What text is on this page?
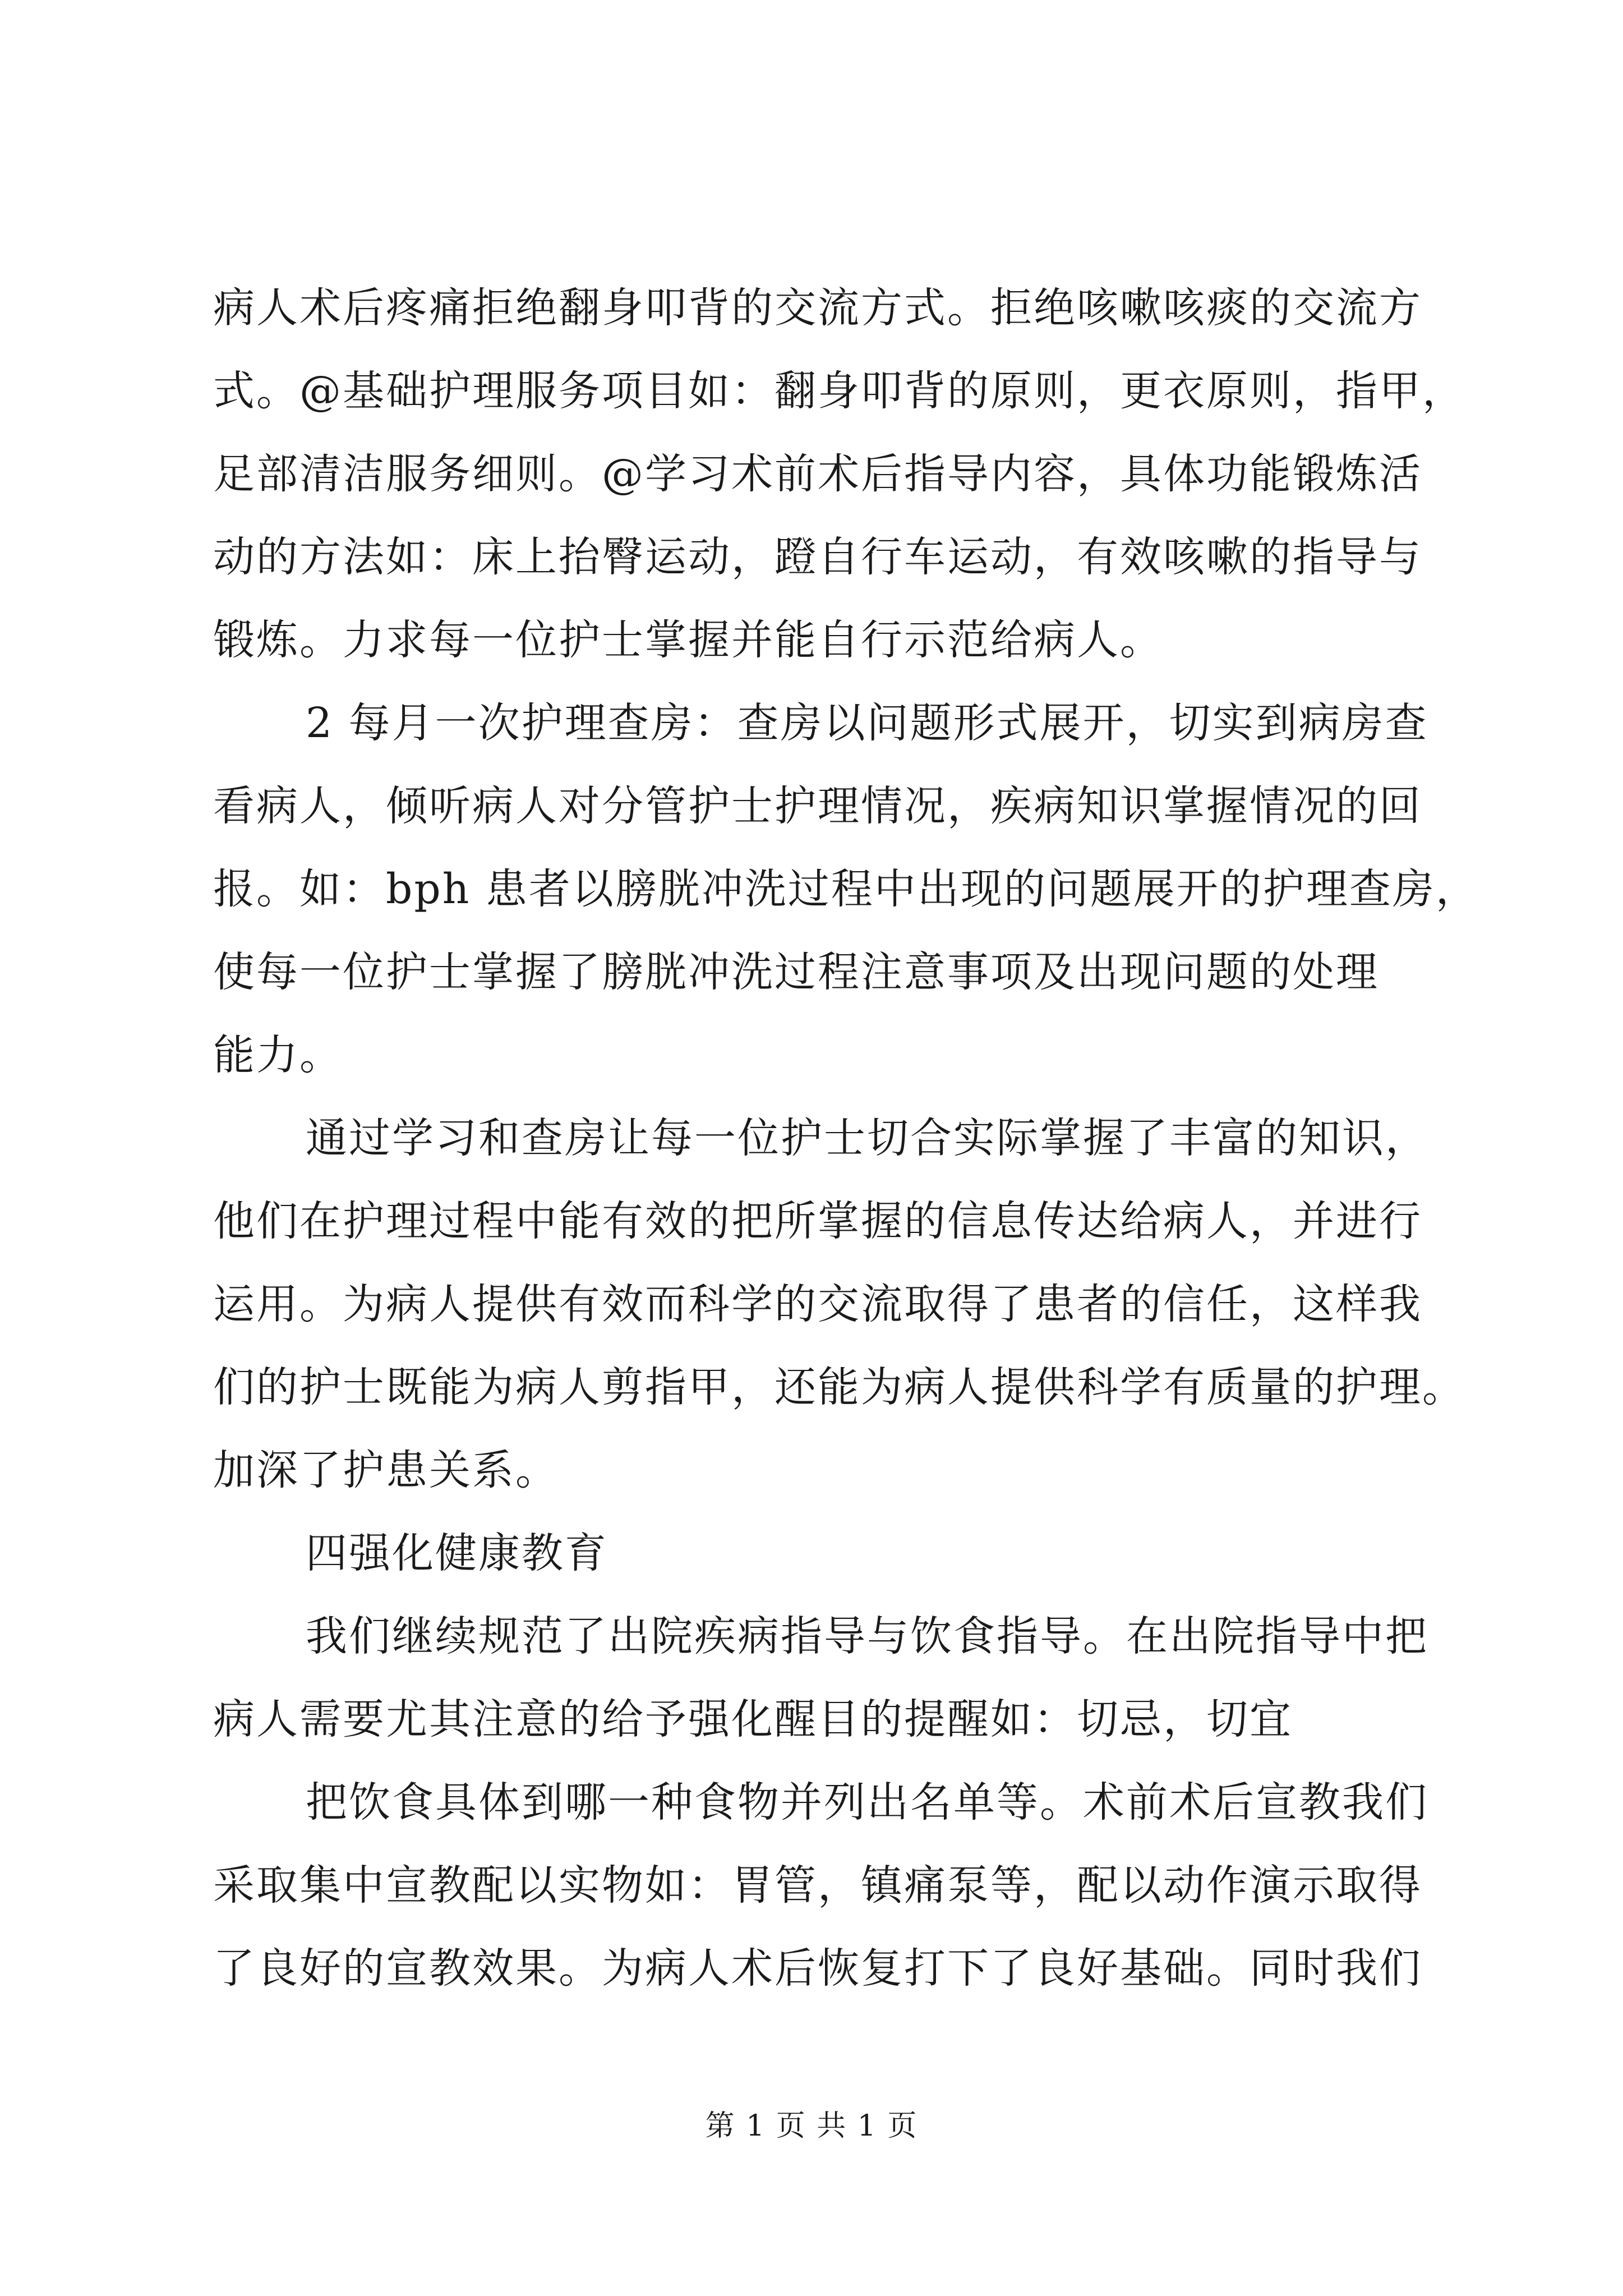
病人术后疼痛拒绝翻身叩背的交流方式。拒绝咳嗽咳痰的交流方
式。@基础护理服务项目如：翻身叩背的原则，更衣原则，指甲，
足部清洁服务细则。@学习术前术后指导内容，具体功能锻炼活
动的方法如：床上抬臀运动，蹬自行车运动，有效咳嗽的指导与
锻炼。力求每一位护士掌握并能自行示范给病人。
2 每月一次护理查房：查房以问题形式展开，切实到病房查
看病人，倾听病人对分管护士护理情况，疾病知识掌握情况的回
报。如：bph 患者以膀胱冲洗过程中出现的问题展开的护理查房，
使每一位护士掌握了膀胱冲洗过程注意事项及出现问题的处理
能力。
通过学习和查房让每一位护士切合实际掌握了丰富的知识，
他们在护理过程中能有效的把所掌握的信息传达给病人，并进行
运用。为病人提供有效而科学的交流取得了患者的信任，这样我
们的护士既能为病人剪指甲，还能为病人提供科学有质量的护理。
加深了护患关系。
四强化健康教育
我们继续规范了出院疾病指导与饮食指导。在出院指导中把
病人需要尤其注意的给予强化醒目的提醒如：切忌，切宜
把饮食具体到哪一种食物并列出名单等。术前术后宣教我们
采取集中宣教配以实物如：胃管，镇痛泵等，配以动作演示取得
了良好的宣教效果。为病人术后恢复打下了良好基础。同时我们
第 1 页 共 1 页
